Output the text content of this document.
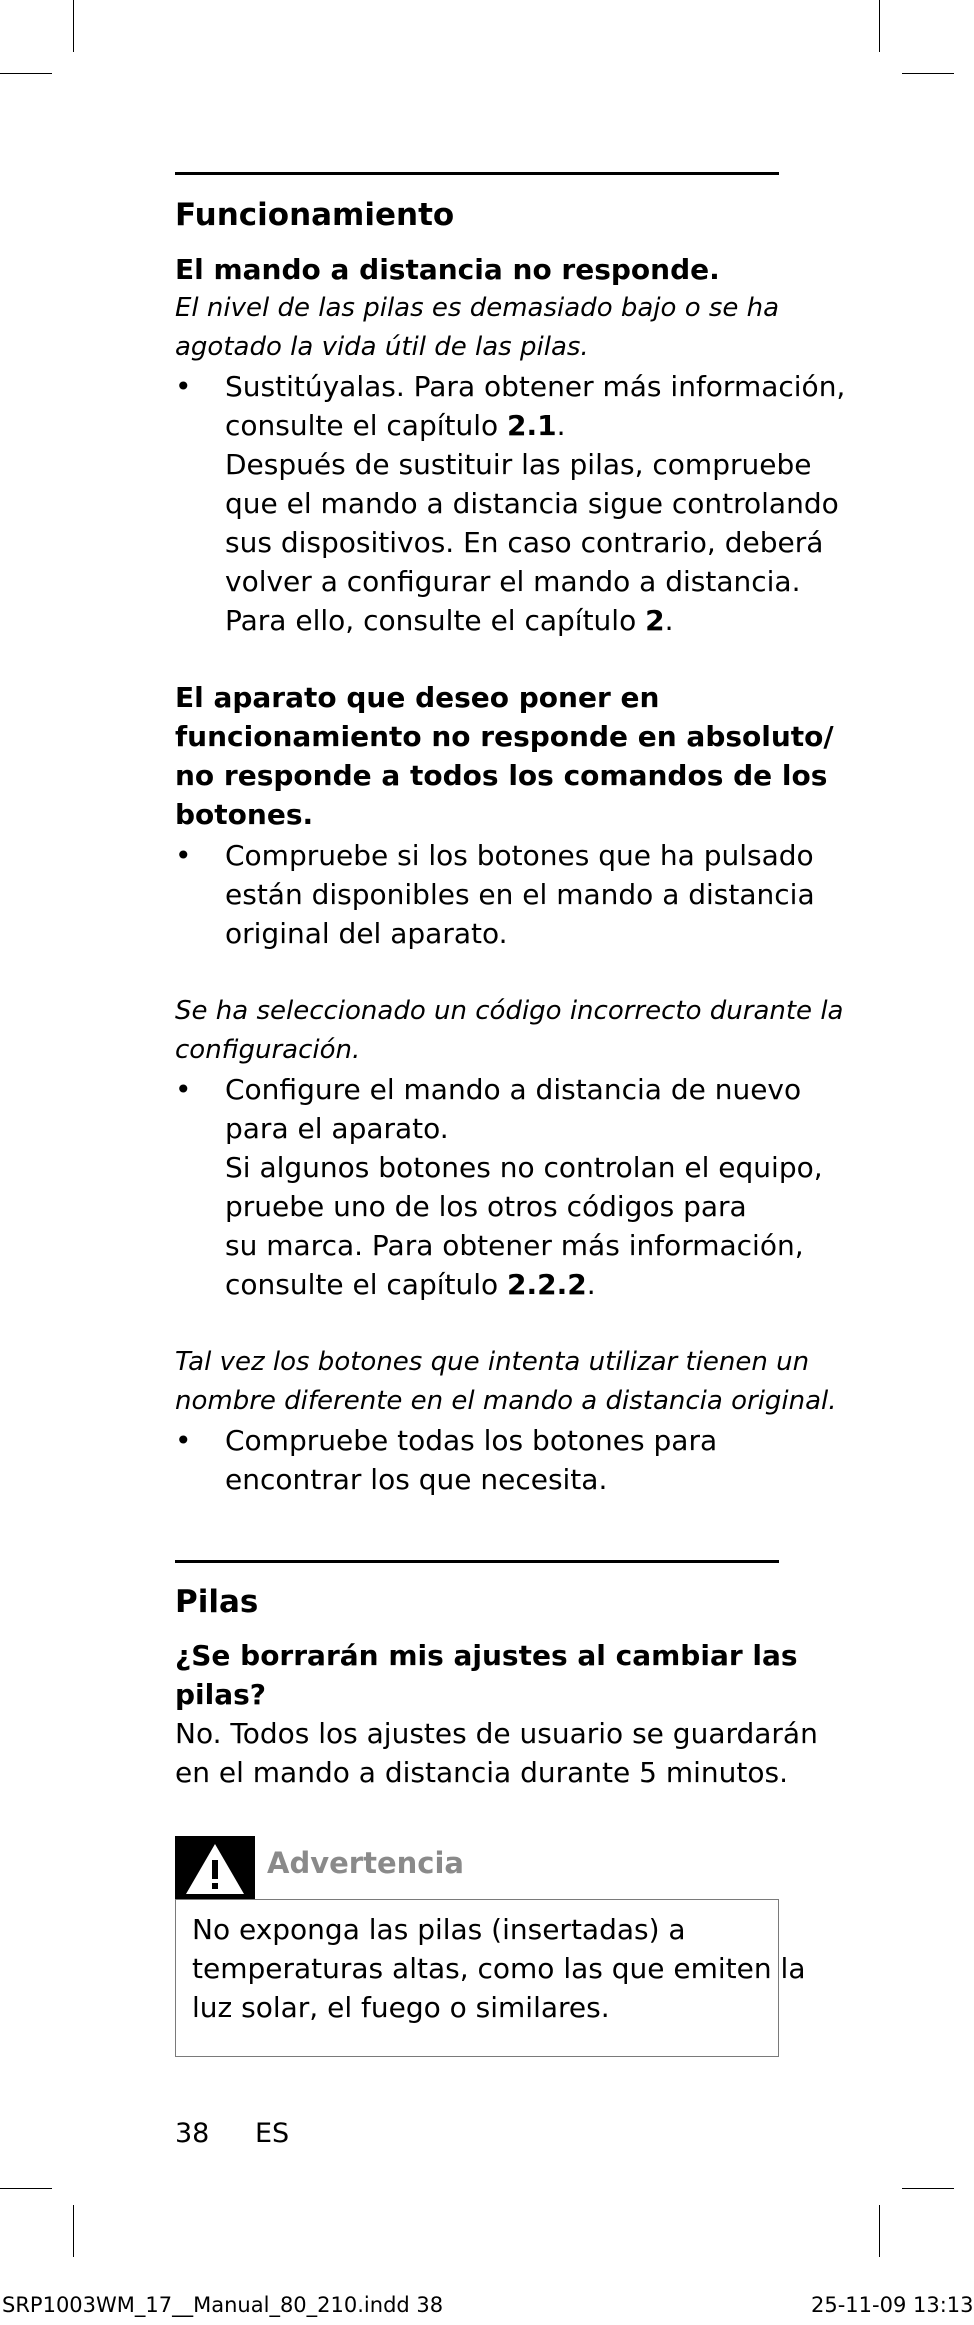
Funcionamiento
El mando a distancia no responde.
El nivel de las pilas es demasiado bajo o se ha
agotado la vida útil de las pilas.
•	Sustitúyalas. Para obtener más información,
consulte el capítulo 2.1.
Después de sustituir las pilas, compruebe
que el mando a distancia sigue controlando
sus dispositivos. En caso contrario, deberá
volver a configurar el mando a distancia.
Para ello, consulte el capítulo 2.
El aparato que deseo poner en
funcionamiento no responde en absoluto/
no responde a todos los comandos de los
botones.
•	Compruebe si los botones que ha pulsado
están disponibles en el mando a distancia
original del aparato.
Se ha seleccionado un código incorrecto durante la
configuración.
•	Configure el mando a distancia de nuevo
para el aparato.
Si algunos botones no controlan el equipo,
pruebe uno de los otros códigos para
su marca. Para obtener más información,
consulte el capítulo 2.2.2.
Tal vez los botones que intenta utilizar tienen un
nombre diferente en el mando a distancia original.
•	Compruebe todas los botones para
encontrar los que necesita.
Pilas
¿Se borrarán mis ajustes al cambiar las
pilas?
No. Todos los ajustes de usuario se guardarán
en el mando a distancia durante 5 minutos.
Advertencia
No exponga las pilas (insertadas) a
temperaturas altas, como las que emiten la
luz solar, el fuego o similares.
38 ES
SRP1003WM_17__Manual_80_210.indd 38	25-11-09 13:13
